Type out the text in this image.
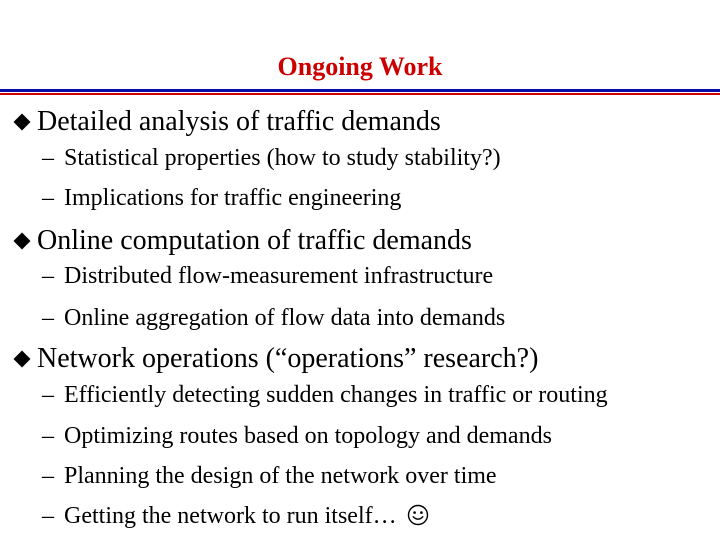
Ongoing Work
Detailed analysis of traffic demands
– Statistical properties (how to study stability?)
– Implications for traffic engineering
Online computation of traffic demands
– Distributed flow-measurement infrastructure
– Online aggregation of flow data into demands
Network operations (“operations” research?)
– Efficiently detecting sudden changes in traffic or routing
– Optimizing routes based on topology and demands
– Planning the design of the network over time
– Getting the network to run itself…
